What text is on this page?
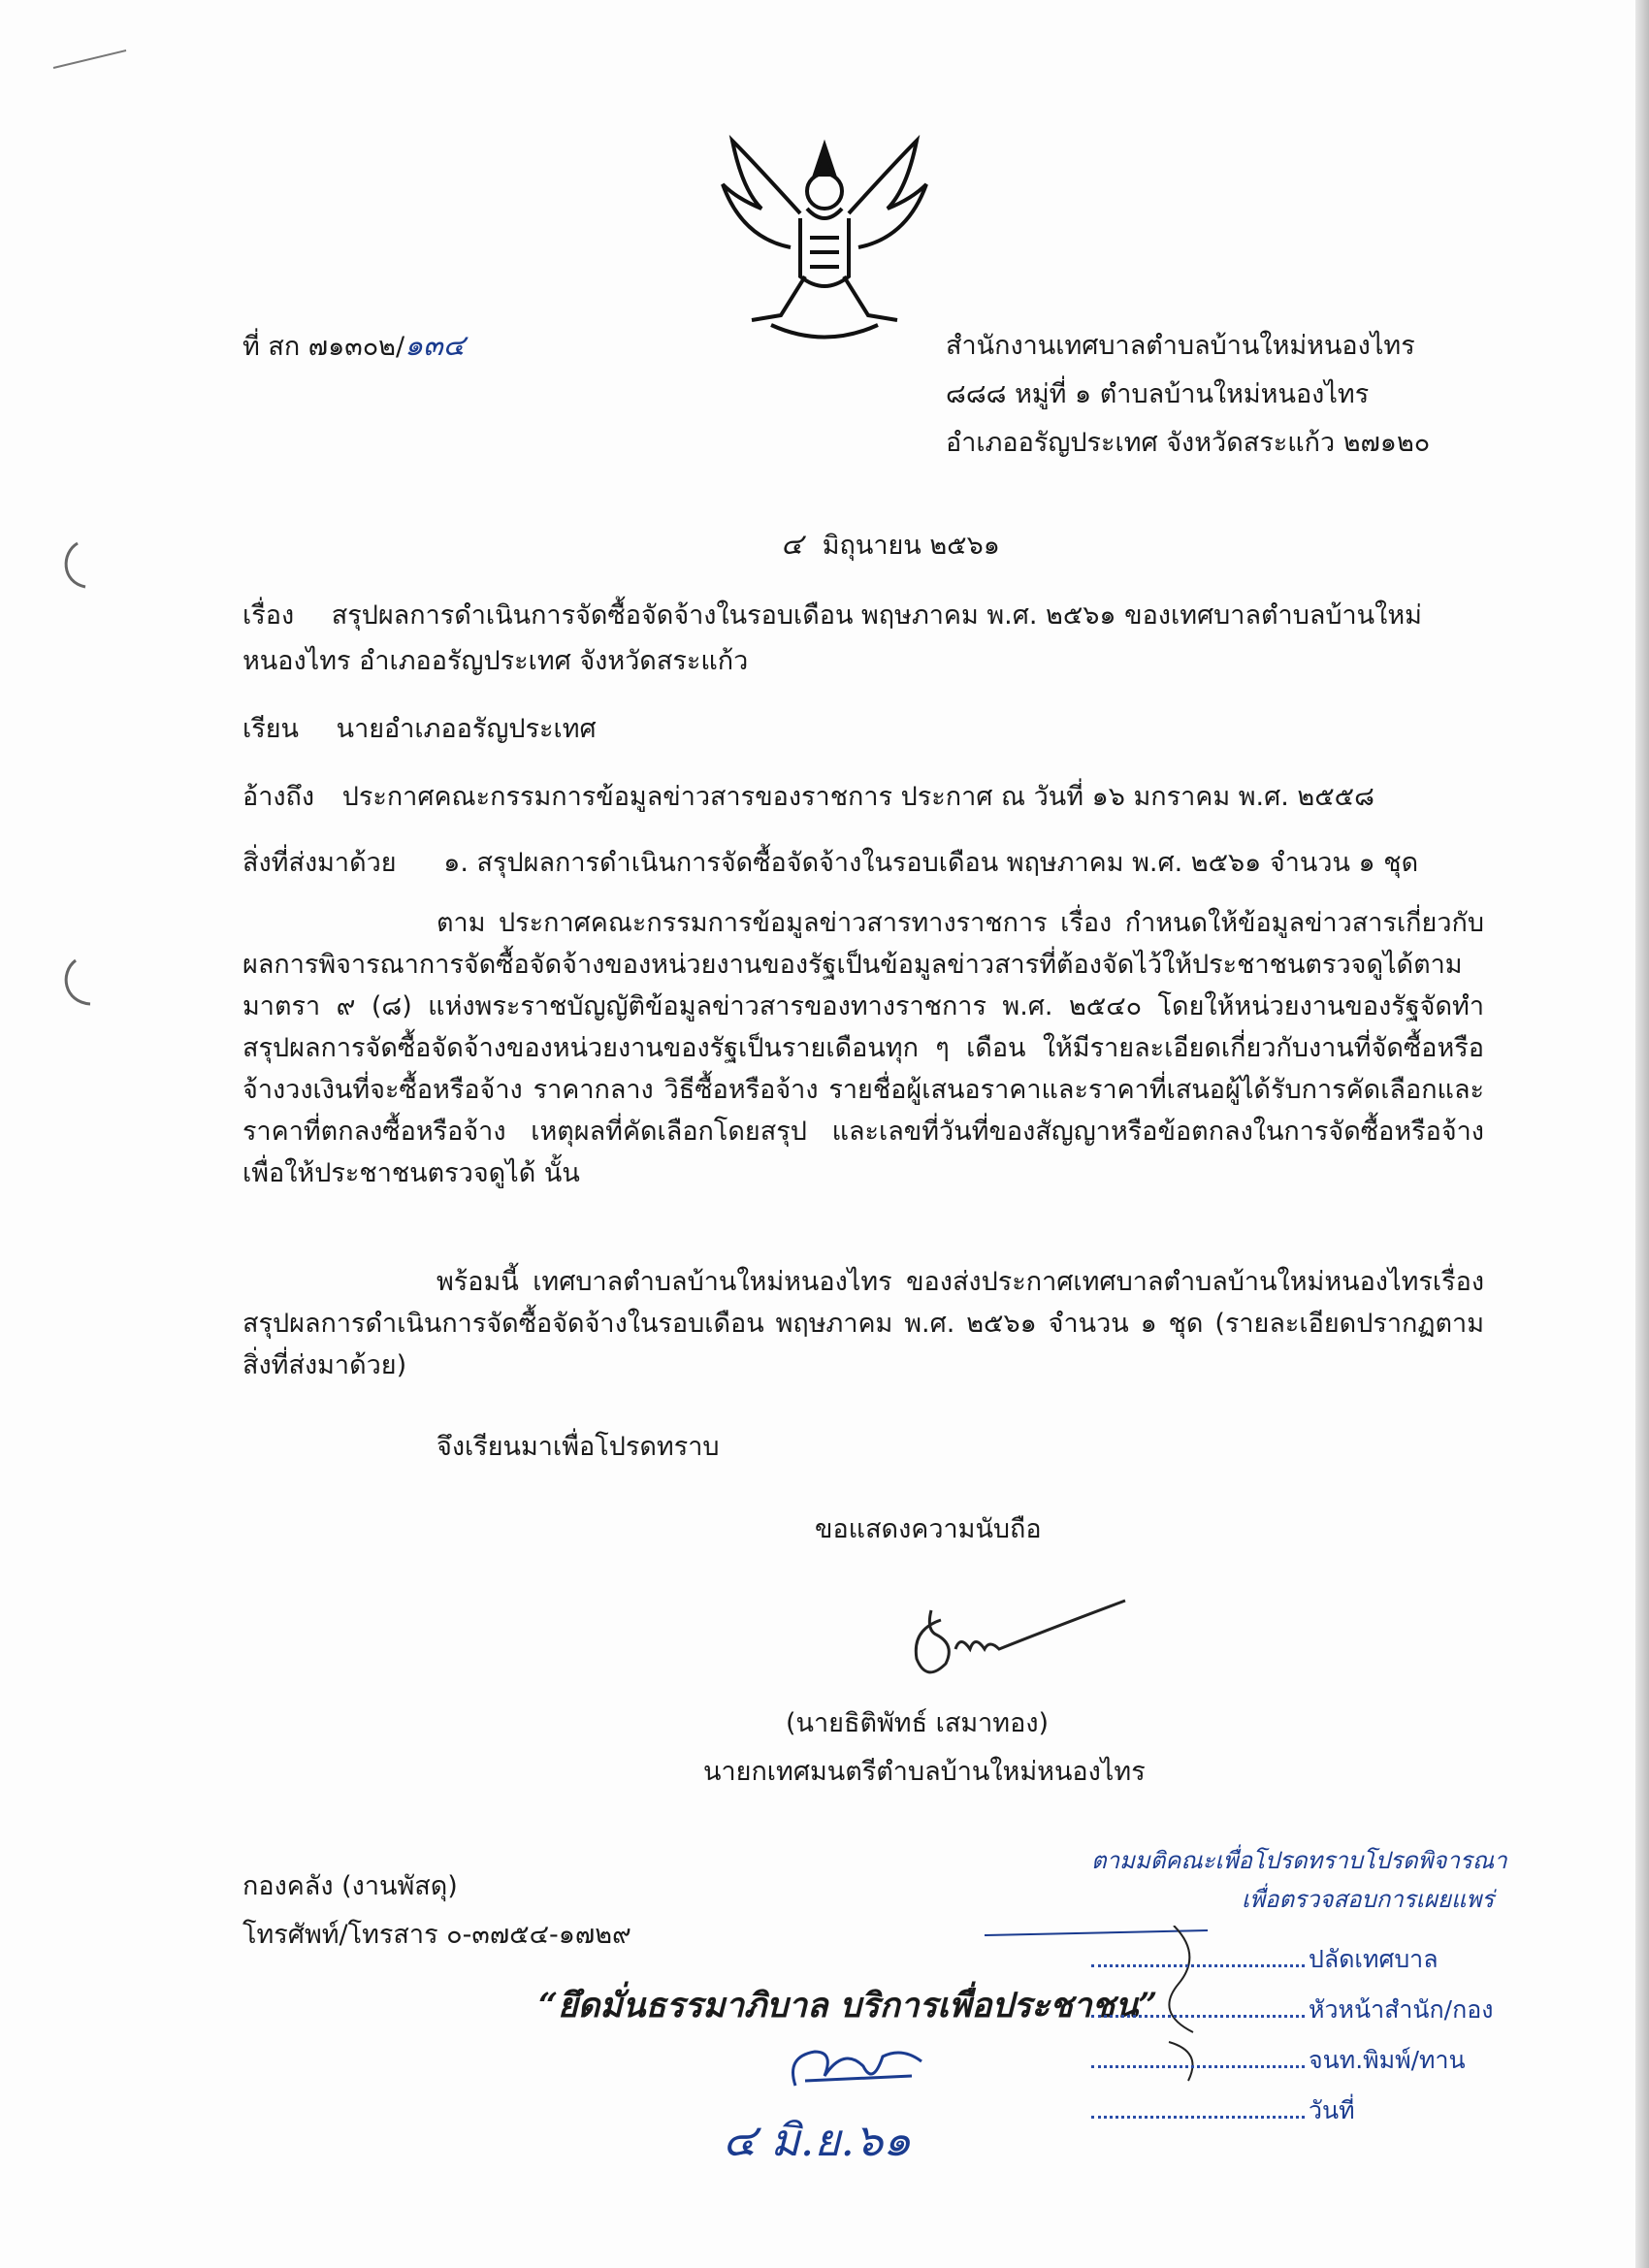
ที่ สก ๗๑๓๐๒/๑๓๔	สำนักงานเทศบาลตำบลบ้านใหม่หนองไทร
๘๘๘ หมู่ที่ ๑ ตำบลบ้านใหม่หนองไทร
อำเภออรัญประเทศ จังหวัดสระแก้ว ๒๗๑๒๐
๔ มิถุนายน ๒๕๖๑
เรื่อง สรุปผลการดำเนินการจัดซื้อจัดจ้างในรอบเดือน พฤษภาคม พ.ศ. ๒๕๖๑ ของเทศบาลตำบลบ้านใหม่
หนองไทร อำเภออรัญประเทศ จังหวัดสระแก้ว
เรียน นายอำเภออรัญประเทศ
อ้างถึง ประกาศคณะกรรมการข้อมูลข่าวสารของราชการ ประกาศ ณ วันที่ ๑๖ มกราคม พ.ศ. ๒๕๕๘
สิ่งที่ส่งมาด้วย ๑. สรุปผลการดำเนินการจัดซื้อจัดจ้างในรอบเดือน พฤษภาคม พ.ศ. ๒๕๖๑ จำนวน ๑ ชุด
ตาม ประกาศคณะกรรมการข้อมูลข่าวสารทางราชการ เรื่อง กำหนดให้ข้อมูลข่าวสารเกี่ยวกับผลการพิจารณาการจัดซื้อจัดจ้างของหน่วยงานของรัฐเป็นข้อมูลข่าวสารที่ต้องจัดไว้ให้ประชาชนตรวจดูได้ตามมาตรา ๙ (๘) แห่งพระราชบัญญัติข้อมูลข่าวสารของทางราชการ พ.ศ. ๒๕๔๐ โดยให้หน่วยงานของรัฐจัดทำสรุปผลการจัดซื้อจัดจ้างของหน่วยงานของรัฐเป็นรายเดือนทุก ๆ เดือน ให้มีรายละเอียดเกี่ยวกับงานที่จัดซื้อหรือจ้างวงเงินที่จะซื้อหรือจ้าง ราคากลาง วิธีซื้อหรือจ้าง รายชื่อผู้เสนอราคาและราคาที่เสนอผู้ได้รับการคัดเลือกและราคาที่ตกลงซื้อหรือจ้าง เหตุผลที่คัดเลือกโดยสรุป และเลขที่วันที่ของสัญญาหรือข้อตกลงในการจัดซื้อหรือจ้าง เพื่อให้ประชาชนตรวจดูได้ นั้น
พร้อมนี้ เทศบาลตำบลบ้านใหม่หนองไทร ของส่งประกาศเทศบาลตำบลบ้านใหม่หนองไทรเรื่อง สรุปผลการดำเนินการจัดซื้อจัดจ้างในรอบเดือน พฤษภาคม พ.ศ. ๒๕๖๑ จำนวน ๑ ชุด (รายละเอียดปรากฏตามสิ่งที่ส่งมาด้วย)
จึงเรียนมาเพื่อโปรดทราบ
ขอแสดงความนับถือ
(นายธิติพัทธ์ เสมาทอง)
นายกเทศมนตรีตำบลบ้านใหม่หนองไทร
กองคลัง (งานพัสดุ)
โทรศัพท์/โทรสาร ๐-๓๗๕๔-๑๗๒๙
“ยึดมั่นธรรมาภิบาล บริการเพื่อประชาชน”
ตามมติคณะเพื่อโปรดทราบโปรดพิจารณา
เพื่อตรวจสอบการเผยแพร่
ปลัดเทศบาล
หัวหน้าสำนัก/กอง
จนท.พิมพ์/ทาน
วันที่
๔ มิ.ย.๖๑
